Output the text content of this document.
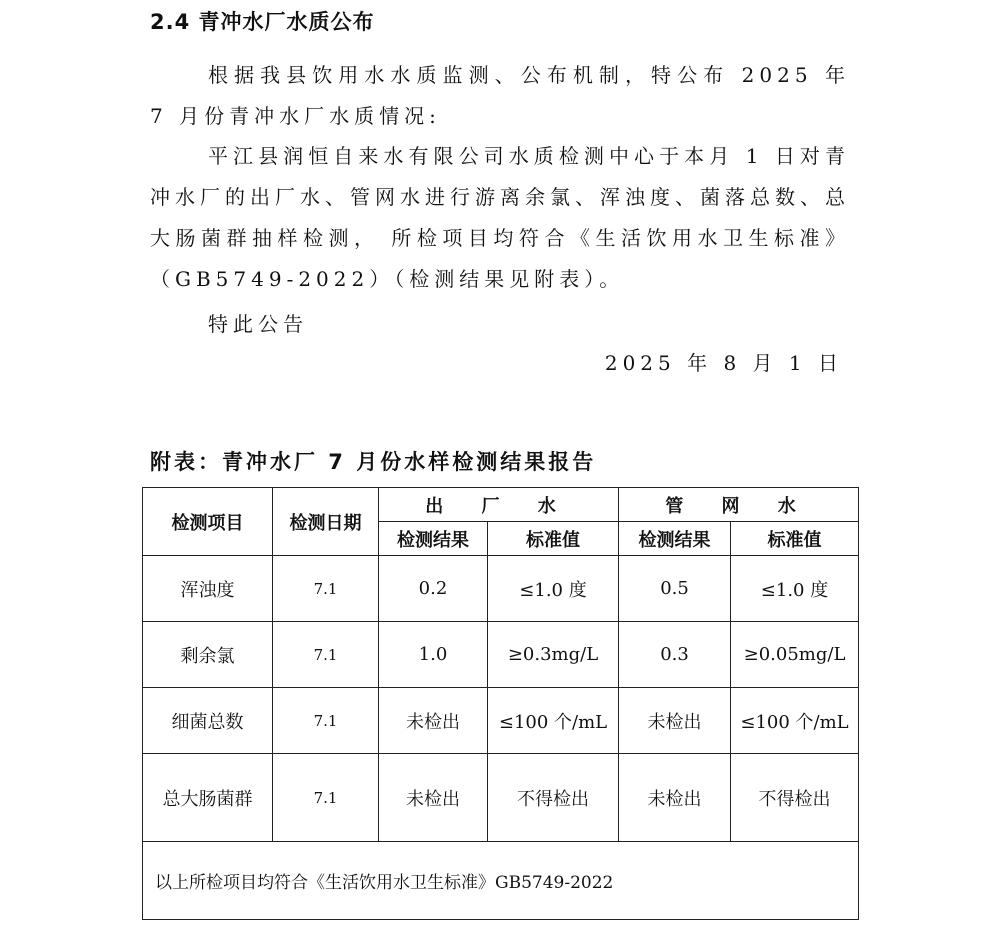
2.4 青冲水厂水质公布
根据我县饮用水水质监测、公布机制，特公布 2025 年 7 月份青冲水厂水质情况:
平江县润恒自来水有限公司水质检测中心于本月 1 日对青冲水厂的出厂水、管网水进行游离余氯、浑浊度、菌落总数、总大肠菌群抽样检测， 所检项目均符合《生活饮用水卫生标准》（GB5749-2022）（检测结果见附表）。
特此公告
2025 年 8 月 1 日
附表：青冲水厂 7 月份水样检测结果报告
检测项目	检测日期	出 厂 水		管 网 水	
		检测结果	标准值	检测结果	标准值
浑浊度	7.1	0.2	≤1.0 度	0.5	≤1.0 度
剩余氯	7.1	1.0	≥0.3mg/L	0.3	≥0.05mg/L
细菌总数	7.1	未检出	≤100 个/mL	未检出	≤100 个/mL
总大肠菌群	7.1	未检出	不得检出	未检出	不得检出
以上所检项目均符合《生活饮用水卫生标准》GB5749-2022					
